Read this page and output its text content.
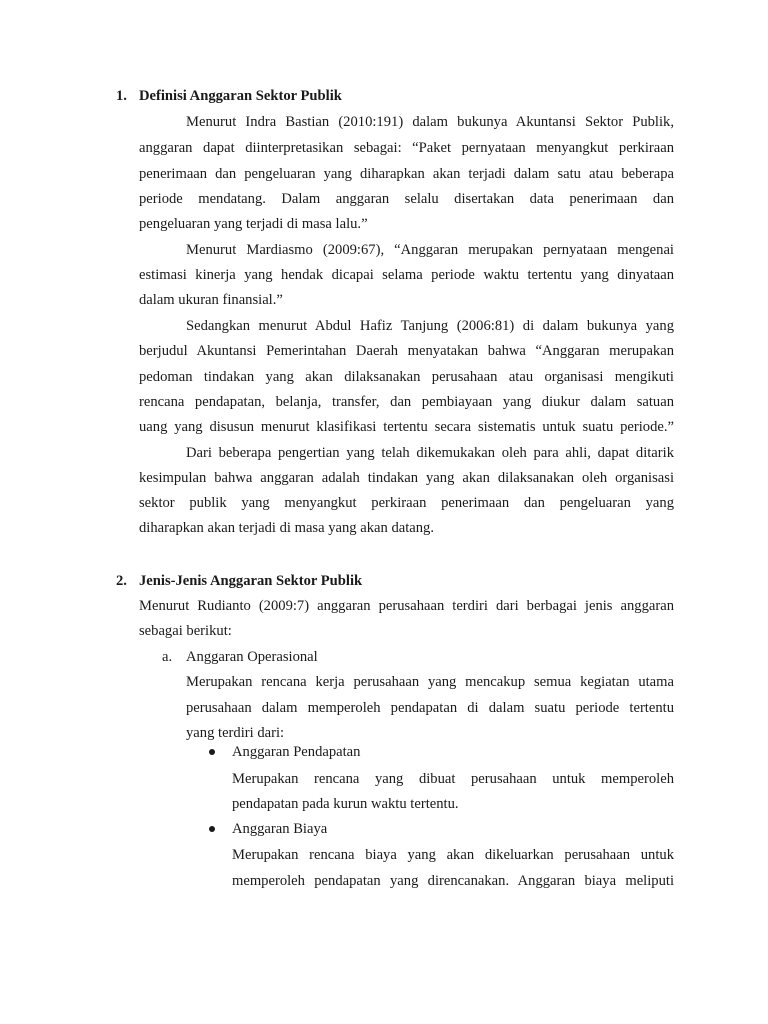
1. Definisi Anggaran Sektor Publik
Menurut Indra Bastian (2010:191) dalam bukunya Akuntansi Sektor Publik,
anggaran dapat diinterpretasikan sebagai: “Paket pernyataan menyangkut perkiraan
penerimaan dan pengeluaran yang diharapkan akan terjadi dalam satu atau beberapa
periode mendatang. Dalam anggaran selalu disertakan data penerimaan dan
pengeluaran yang terjadi di masa lalu.”
Menurut Mardiasmo (2009:67), “Anggaran merupakan pernyataan mengenai
estimasi kinerja yang hendak dicapai selama periode waktu tertentu yang dinyataan
dalam ukuran finansial.”
Sedangkan menurut Abdul Hafiz Tanjung (2006:81) di dalam bukunya yang
berjudul Akuntansi Pemerintahan Daerah menyatakan bahwa “Anggaran merupakan
pedoman tindakan yang akan dilaksanakan perusahaan atau organisasi mengikuti
rencana pendapatan, belanja, transfer, dan pembiayaan yang diukur dalam satuan
uang yang disusun menurut klasifikasi tertentu secara sistematis untuk suatu periode.”
Dari beberapa pengertian yang telah dikemukakan oleh para ahli, dapat ditarik
kesimpulan bahwa anggaran adalah tindakan yang akan dilaksanakan oleh organisasi
sektor publik yang menyangkut perkiraan penerimaan dan pengeluaran yang
diharapkan akan terjadi di masa yang akan datang.
2. Jenis-Jenis Anggaran Sektor Publik
Menurut Rudianto (2009:7) anggaran perusahaan terdiri dari berbagai jenis anggaran
sebagai berikut:
a. Anggaran Operasional
Merupakan rencana kerja perusahaan yang mencakup semua kegiatan utama
perusahaan dalam memperoleh pendapatan di dalam suatu periode tertentu
yang terdiri dari:
Anggaran Pendapatan
Merupakan rencana yang dibuat perusahaan untuk memperoleh
pendapatan pada kurun waktu tertentu.
Anggaran Biaya
Merupakan rencana biaya yang akan dikeluarkan perusahaan untuk
memperoleh pendapatan yang direncanakan. Anggaran biaya meliputi
